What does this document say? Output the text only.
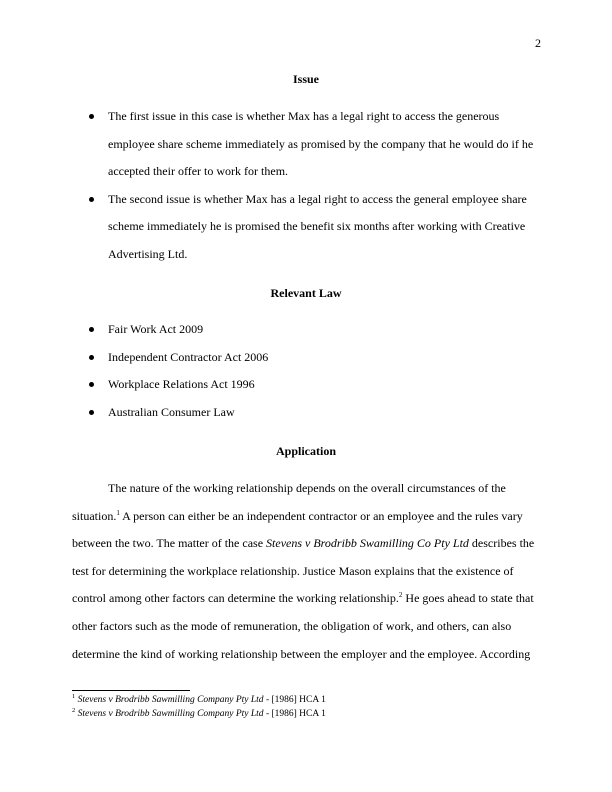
2
Issue
The first issue in this case is whether Max has a legal right to access the generous employee share scheme immediately as promised by the company that he would do if he accepted their offer to work for them.
The second issue is whether Max has a legal right to access the general employee share scheme immediately he is promised the benefit six months after working with Creative Advertising Ltd.
Relevant Law
Fair Work Act 2009
Independent Contractor Act 2006
Workplace Relations Act 1996
Australian Consumer Law
Application

The nature of the working relationship depends on the overall circumstances of the situation.$^1$ A person can either be an independent contractor or an employee and the rules vary between the two. The matter of the case Stevens v Brodribb Swamilling Co Pty Ltd describes the test for determining the workplace relationship. Justice Mason explains that the existence of control among other factors can determine the working relationship.$^2$ He goes ahead to state that other factors such as the mode of remuneration, the obligation of work, and others, can also determine the kind of working relationship between the employer and the employee. According

$^1$ Stevens v Brodribb Sawmilling Company Pty Ltd - [1986] HCA 1
$^2$ Stevens v Brodribb Sawmilling Company Pty Ltd - [1986] HCA 1
